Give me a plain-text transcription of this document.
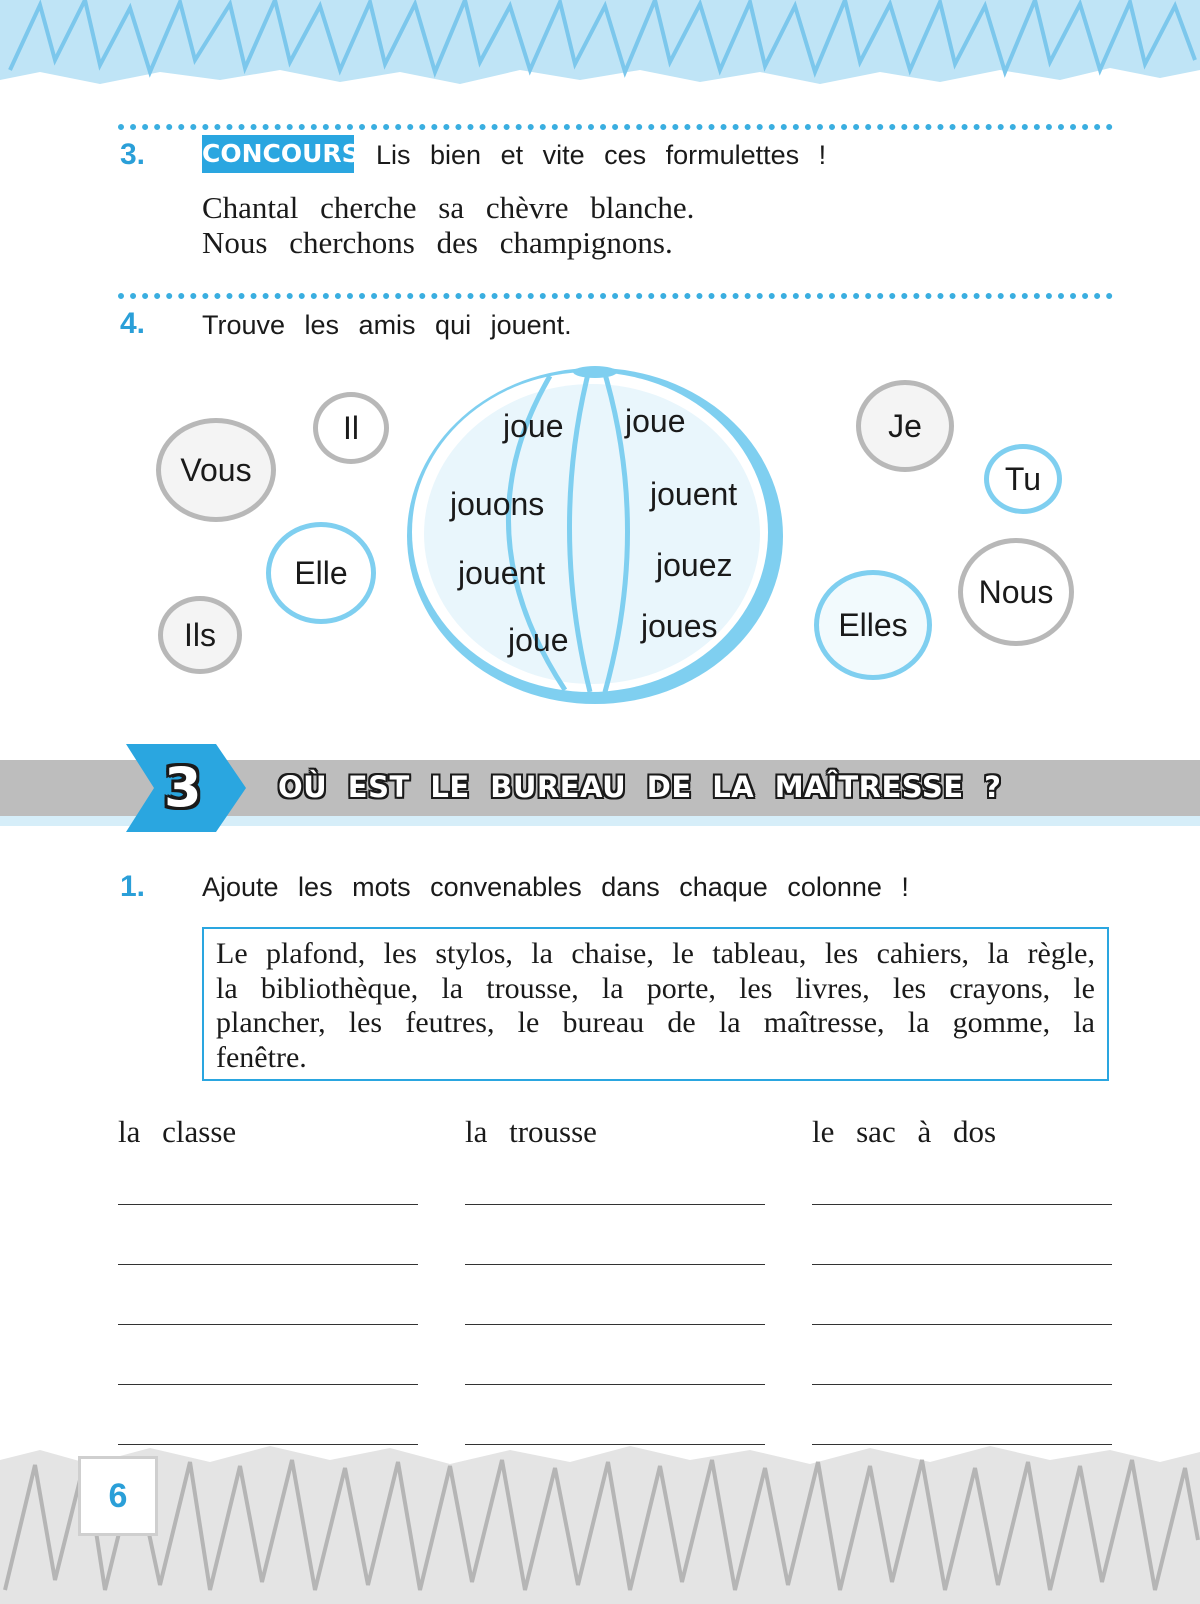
3. CONCOURS Lis bien et vite ces formulettes !
Chantal cherche sa chèvre blanche.
Nous cherchons des champignons.
4. Trouve les amis qui jouent.
joue joue
jouons	jouent
jouent	jouez
joue joues
Vous
Il
Elle
Ils
Je
Tu
Nous
Elles
3	OÙ EST LE BUREAU DE LA MAÎTRESSE ?
1. Ajoute les mots convenables dans chaque colonne !
Le plafond, les stylos, la chaise, le tableau, les cahiers, la règle, la bibliothèque, la trousse, la porte, les livres, les crayons, le plancher, les feutres, le bureau de la maîtresse, la gomme, la fenêtre.
la classe	la trousse	le sac à dos
6
